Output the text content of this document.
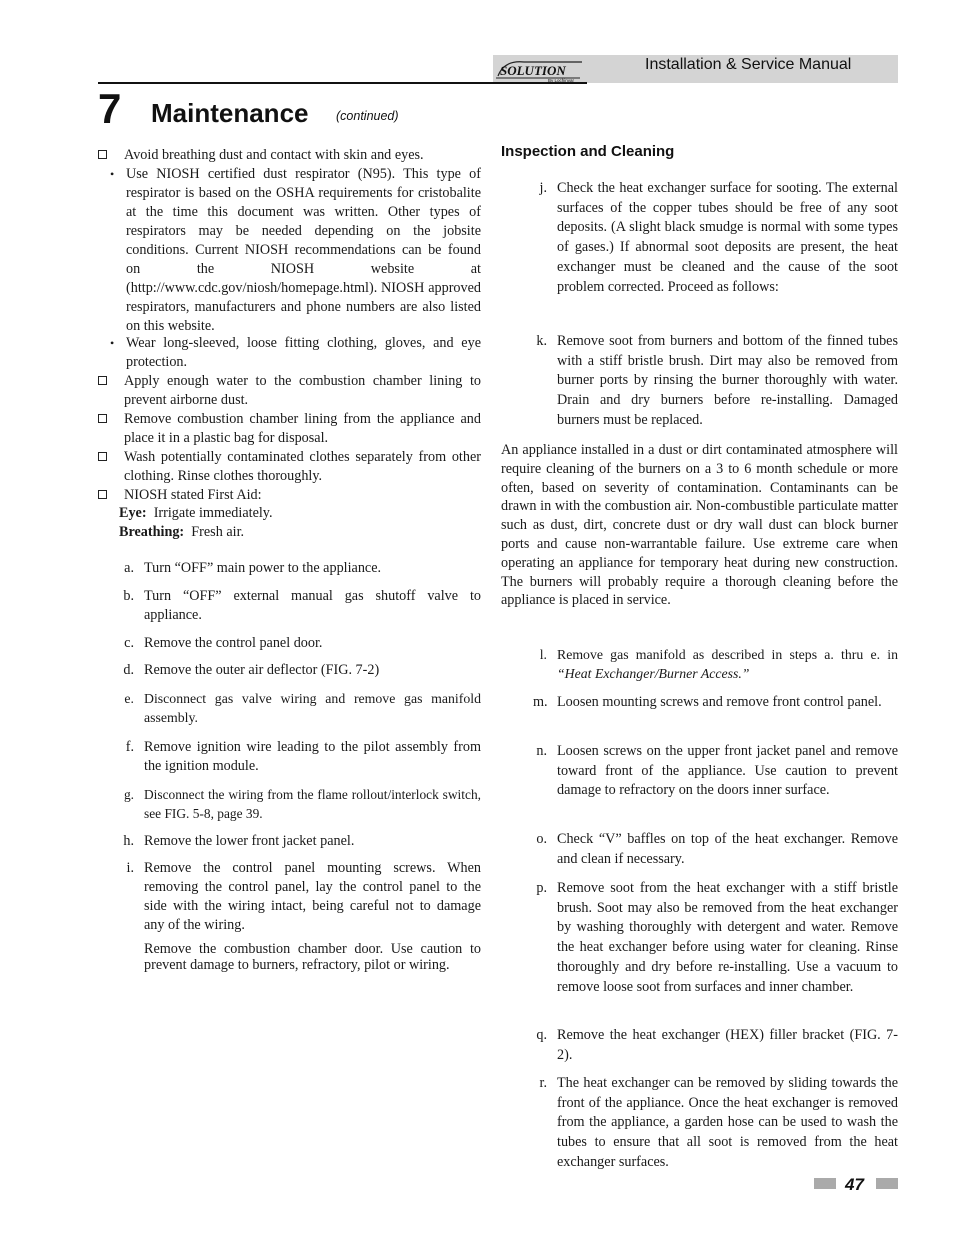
SOLUTION
By Lochinvar
Installation & Service Manual
7 Maintenance (continued)
Avoid breathing dust and contact with skin and eyes.
• Use NIOSH certified dust respirator (N95). This type of respirator is based on the OSHA requirements for cristobalite at the time this document was written. Other types of respirators may be needed depending on the jobsite conditions. Current NIOSH recommendations can be found on the NIOSH website at (http://www.cdc.gov/niosh/homepage.html). NIOSH approved respirators, manufacturers and phone numbers are also listed on this website.
• Wear long-sleeved, loose fitting clothing, gloves, and eye protection.
Apply enough water to the combustion chamber lining to prevent airborne dust.
Remove combustion chamber lining from the appliance and place it in a plastic bag for disposal.
Wash potentially contaminated clothes separately from other clothing. Rinse clothes thoroughly.
NIOSH stated First Aid:
Eye: Irrigate immediately.
Breathing: Fresh air.
a. Turn “OFF” main power to the appliance.
b. Turn “OFF” external manual gas shutoff valve to appliance.
c. Remove the control panel door.
d. Remove the outer air deflector (FIG. 7-2)
e. Disconnect gas valve wiring and remove gas manifold assembly.
f. Remove ignition wire leading to the pilot assembly from the ignition module.
g. Disconnect the wiring from the flame rollout/interlock switch, see FIG. 5-8, page 39.
h. Remove the lower front jacket panel.
i. Remove the control panel mounting screws. When removing the control panel, lay the control panel to the side with the wiring intact, being careful not to damage any of the wiring.
Remove the combustion chamber door. Use caution to prevent damage to burners, refractory, pilot or wiring.
Inspection and Cleaning
j. Check the heat exchanger surface for sooting. The external surfaces of the copper tubes should be free of any soot deposits. (A slight black smudge is normal with some types of gases.) If abnormal soot deposits are present, the heat exchanger must be cleaned and the cause of the soot problem corrected. Proceed as follows:
k. Remove soot from burners and bottom of the finned tubes with a stiff bristle brush. Dirt may also be removed from burner ports by rinsing the burner thoroughly with water. Drain and dry burners before re-installing. Damaged burners must be replaced.
An appliance installed in a dust or dirt contaminated atmosphere will require cleaning of the burners on a 3 to 6 month schedule or more often, based on severity of contamination. Contaminants can be drawn in with the combustion air. Non-combustible particulate matter such as dust, dirt, concrete dust or dry wall dust can block burner ports and cause non-warrantable failure. Use extreme care when operating an appliance for temporary heat during new construction. The burners will probably require a thorough cleaning before the appliance is placed in service.
l. Remove gas manifold as described in steps a. thru e. in “Heat Exchanger/Burner Access.”
m. Loosen mounting screws and remove front control panel.
n. Loosen screws on the upper front jacket panel and remove toward front of the appliance. Use caution to prevent damage to refractory on the doors inner surface.
o. Check “V” baffles on top of the heat exchanger. Remove and clean if necessary.
p. Remove soot from the heat exchanger with a stiff bristle brush. Soot may also be removed from the heat exchanger by washing thoroughly with detergent and water. Remove the heat exchanger before using water for cleaning. Rinse thoroughly and dry before re-installing. Use a vacuum to remove loose soot from surfaces and inner chamber.
q. Remove the heat exchanger (HEX) filler bracket (FIG. 7-2).
r. The heat exchanger can be removed by sliding towards the front of the appliance. Once the heat exchanger is removed from the appliance, a garden hose can be used to wash the tubes to ensure that all soot is removed from the heat exchanger surfaces.
47
